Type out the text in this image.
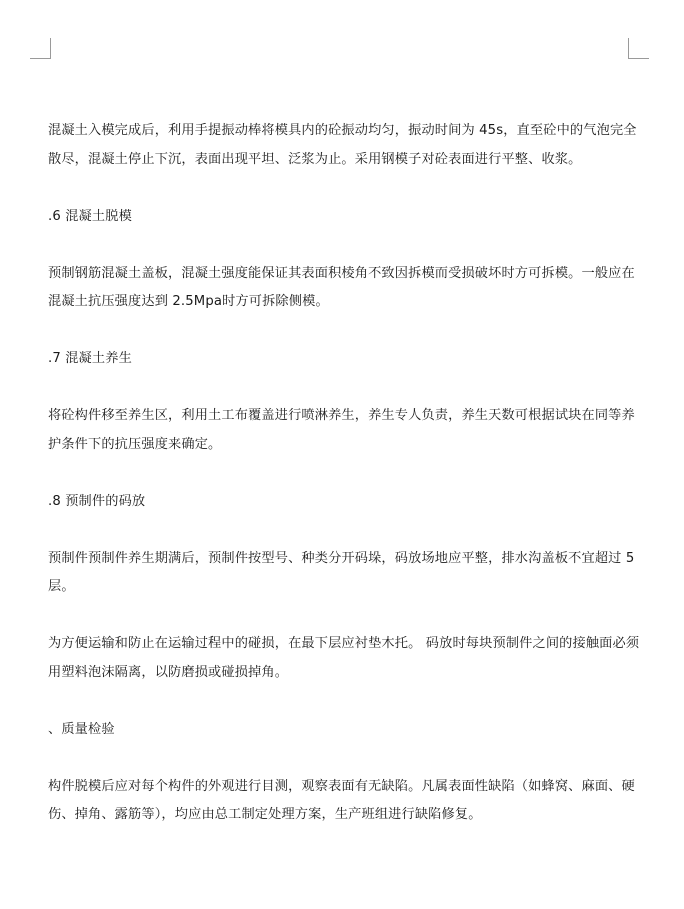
混凝土入模完成后，利用手提振动棒将模具内的砼振动均匀，振动时间为 45s，直至砼中的气泡完全散尽，混凝土停止下沉，表面出现平坦、泛浆为止。采用钢模子对砼表面进行平整、收浆。

.6 混凝土脱模

预制钢筋混凝土盖板，混凝土强度能保证其表面积棱角不致因拆模而受损破坏时方可拆模。一般应在混凝土抗压强度达到 2.5Mpa时方可拆除侧模。

.7 混凝土养生

将砼构件移至养生区，利用土工布覆盖进行喷淋养生，养生专人负责，养生天数可根据试块在同等养护条件下的抗压强度来确定。

.8 预制件的码放

预制件预制件养生期满后，预制件按型号、种类分开码垛，码放场地应平整，排水沟盖板不宜超过 5层。

为方便运输和防止在运输过程中的碰损，在最下层应衬垫木托。 码放时每块预制件之间的接触面必须用塑料泡沫隔离，以防磨损或碰损掉角。

、质量检验

构件脱模后应对每个构件的外观进行目测，观察表面有无缺陷。凡属表面性缺陷（如蜂窝、麻面、硬伤、掉角、露筋等），均应由总工制定处理方案，生产班组进行缺陷修复。
